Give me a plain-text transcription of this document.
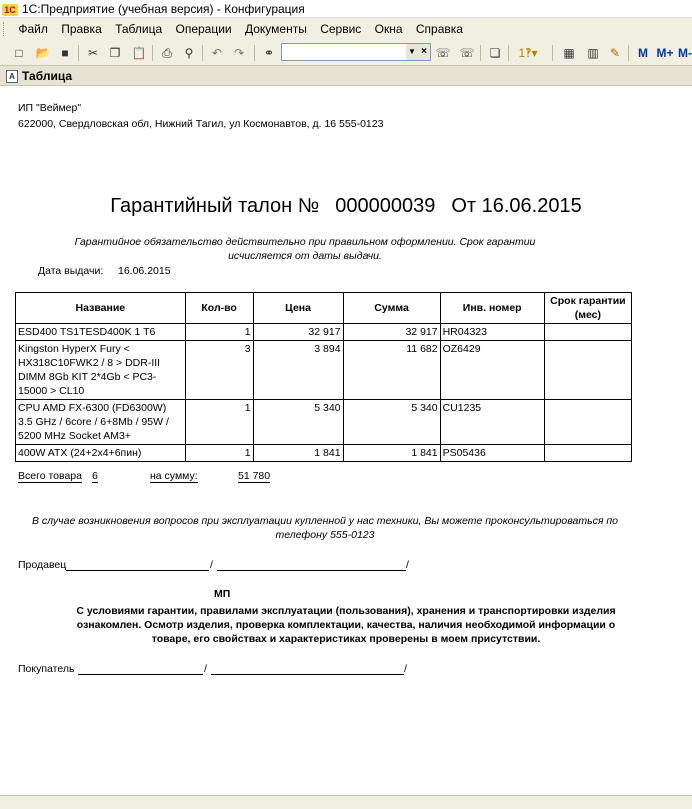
1С 1С:Предприятие (учебная версия) - Конфигурация
Файл Правка Таблица Операции Документы Сервис Окна Справка
□	📂 ■	✂ ❐ 📋	⎙	⚲	↶ ↷	⚭	☏ ☏	❏	1‽▾	▦ ▥ ✎	M M+ M-
▼ ×
A Таблица
ИП "Веймер"
622000, Свердловская обл, Нижний Тагил, ул Космонавтов, д. 16 555-0123
Гарантийный талон № 000000039 От 16.06.2015
Гарантийное обязательство действительно при правильном оформлении. Срок гарантии
исчисляется от даты выдачи.
Дата выдачи: 16.06.2015
Название	Кол-во	Цена	Сумма	Инв. номер	Срок гарантии (мес)
ESD400 TS1TESD400K 1 T6	1	32 917	32 917	HR04323	
Kingston HyperX Fury < HX318C10FWK2 / 8 > DDR-III DIMM 8Gb KIT 2*4Gb < PC3-15000 > CL10	3	3 894	11 682	OZ6429	
CPU AMD FX-6300 (FD6300W) 3.5 GHz / 6core / 6+8Mb / 95W / 5200 MHz Socket AM3+	1	5 340	5 340	CU1235	
400W ATX (24+2x4+6пин)	1	1 841	1 841	PS05436	
Всего товара 6	на сумму:	51 780
В случае возникновения вопросов при эксплуатации купленной у нас техники, Вы можете проконсультироваться по
телефону 555-0123
Продавец	/	/
МП
С условиями гарантии, правилами эксплуатации (пользования), хранения и транспортировки изделия
ознакомлен. Осмотр изделия, проверка комплектации, качества, наличия необходимой информации о
товаре, его свойствах и характеристиках проверены в моем присутствии.
Покупатель	/	/
